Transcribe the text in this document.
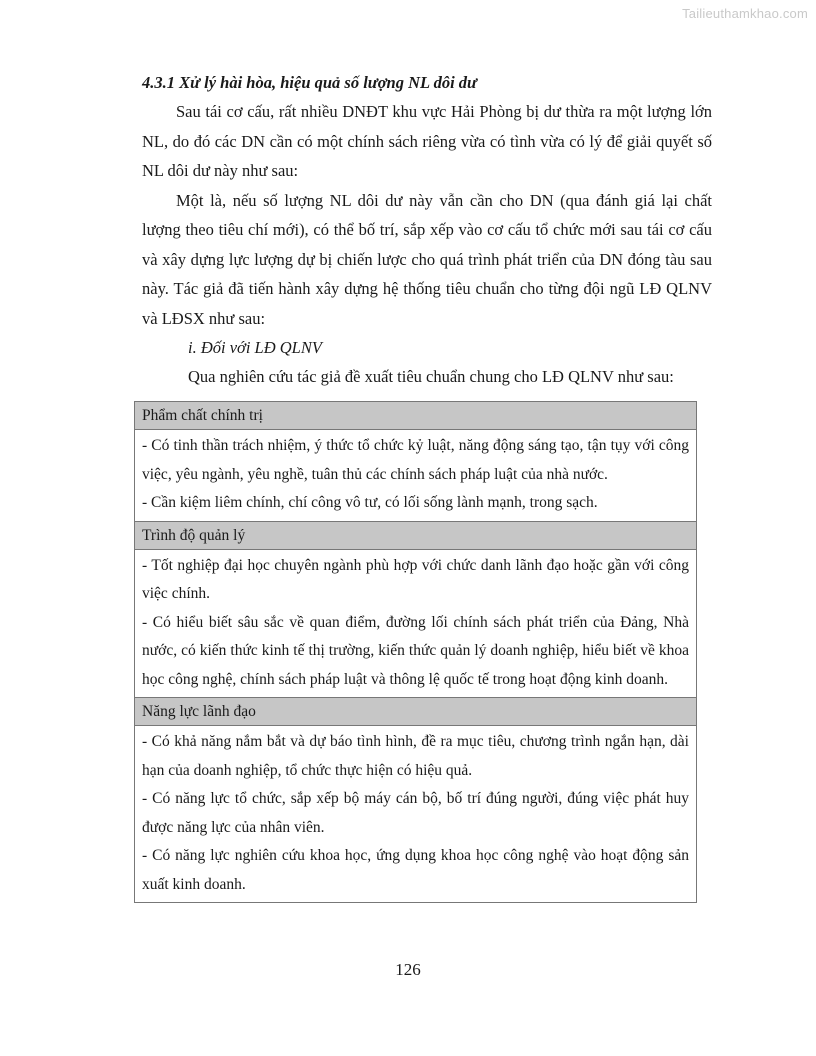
Tailieuthamkhao.com

4.3.1 Xử lý hài hòa, hiệu quả số lượng NL dôi dư

Sau tái cơ cấu, rất nhiều DNĐT khu vực Hải Phòng bị dư thừa ra một lượng lớn NL, do đó các DN cần có một chính sách riêng vừa có tình vừa có lý để giải quyết số NL dôi dư này như sau:

Một là, nếu số lượng NL dôi dư này vẫn cần cho DN (qua đánh giá lại chất lượng theo tiêu chí mới), có thể bố trí, sắp xếp vào cơ cấu tổ chức mới sau tái cơ cấu và xây dựng lực lượng dự bị chiến lược cho quá trình phát triển của DN đóng tàu sau này. Tác giả đã tiến hành xây dựng hệ thống tiêu chuẩn cho từng đội ngũ LĐ QLNV và LĐSX như sau:

i. Đối với LĐ QLNV

Qua nghiên cứu tác giả đề xuất tiêu chuẩn chung cho LĐ QLNV như sau:

Phẩm chất chính trị

- Có tinh thần trách nhiệm, ý thức tổ chức kỷ luật, năng động sáng tạo, tận tụy với công việc, yêu ngành, yêu nghề, tuân thủ các chính sách pháp luật của nhà nước.

- Cần kiệm liêm chính, chí công vô tư, có lối sống lành mạnh, trong sạch.

Trình độ quản lý

- Tốt nghiệp đại học chuyên ngành phù hợp với chức danh lãnh đạo hoặc gần với công việc chính.

- Có hiểu biết sâu sắc về quan điểm, đường lối chính sách phát triển của Đảng, Nhà nước, có kiến thức kinh tế thị trường, kiến thức quản lý doanh nghiệp, hiểu biết về khoa học công nghệ, chính sách pháp luật và thông lệ quốc tế trong hoạt động kinh doanh.

Năng lực lãnh đạo

- Có khả năng nắm bắt và dự báo tình hình, đề ra mục tiêu, chương trình ngắn hạn, dài hạn của doanh nghiệp, tổ chức thực hiện có hiệu quả.

- Có năng lực tổ chức, sắp xếp bộ máy cán bộ, bố trí đúng người, đúng việc phát huy được năng lực của nhân viên.

- Có năng lực nghiên cứu khoa học, ứng dụng khoa học công nghệ vào hoạt động sản xuất kinh doanh.

126
